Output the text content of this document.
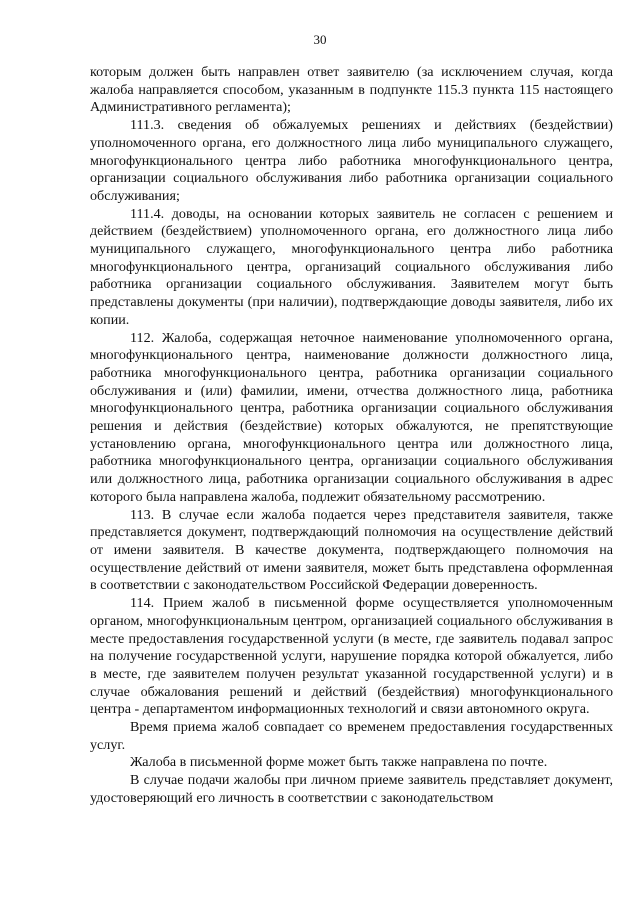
30

которым должен быть направлен ответ заявителю (за исключением случая, когда жалоба направляется способом, указанным в подпункте 115.3 пункта 115 настоящего Административного регламента);

111.3. сведения об обжалуемых решениях и действиях (бездействии) уполномоченного органа, его должностного лица либо муниципального служащего, многофункционального центра либо работника многофункционального центра, организации социального обслуживания либо работника организации социального обслуживания;

111.4. доводы, на основании которых заявитель не согласен с решением и действием (бездействием) уполномоченного органа, его должностного лица либо муниципального служащего, многофункционального центра либо работника многофункционального центра, организаций социального обслуживания либо работника организации социального обслуживания. Заявителем могут быть представлены документы (при наличии), подтверждающие доводы заявителя, либо их копии.

112. Жалоба, содержащая неточное наименование уполномоченного органа, многофункционального центра, наименование должности должностного лица, работника многофункционального центра, работника организации социального обслуживания и (или) фамилии, имени, отчества должностного лица, работника многофункционального центра, работника организации социального обслуживания решения и действия (бездействие) которых обжалуются, не препятствующие установлению органа, многофункционального центра или должностного лица, работника многофункционального центра, организации социального обслуживания или должностного лица, работника организации социального обслуживания в адрес которого была направлена жалоба, подлежит обязательному рассмотрению.

113. В случае если жалоба подается через представителя заявителя, также представляется документ, подтверждающий полномочия на осуществление действий от имени заявителя. В качестве документа, подтверждающего полномочия на осуществление действий от имени заявителя, может быть представлена оформленная в соответствии с законодательством Российской Федерации доверенность.

114. Прием жалоб в письменной форме осуществляется уполномоченным органом, многофункциональным центром, организацией социального обслуживания в месте предоставления государственной услуги (в месте, где заявитель подавал запрос на получение государственной услуги, нарушение порядка которой обжалуется, либо в месте, где заявителем получен результат указанной государственной услуги) и в случае обжалования решений и действий (бездействия) многофункционального центра - департаментом информационных технологий и связи автономного округа.

Время приема жалоб совпадает со временем предоставления государственных услуг.

Жалоба в письменной форме может быть также направлена по почте.

В случае подачи жалобы при личном приеме заявитель представляет документ, удостоверяющий его личность в соответствии с законодательством
